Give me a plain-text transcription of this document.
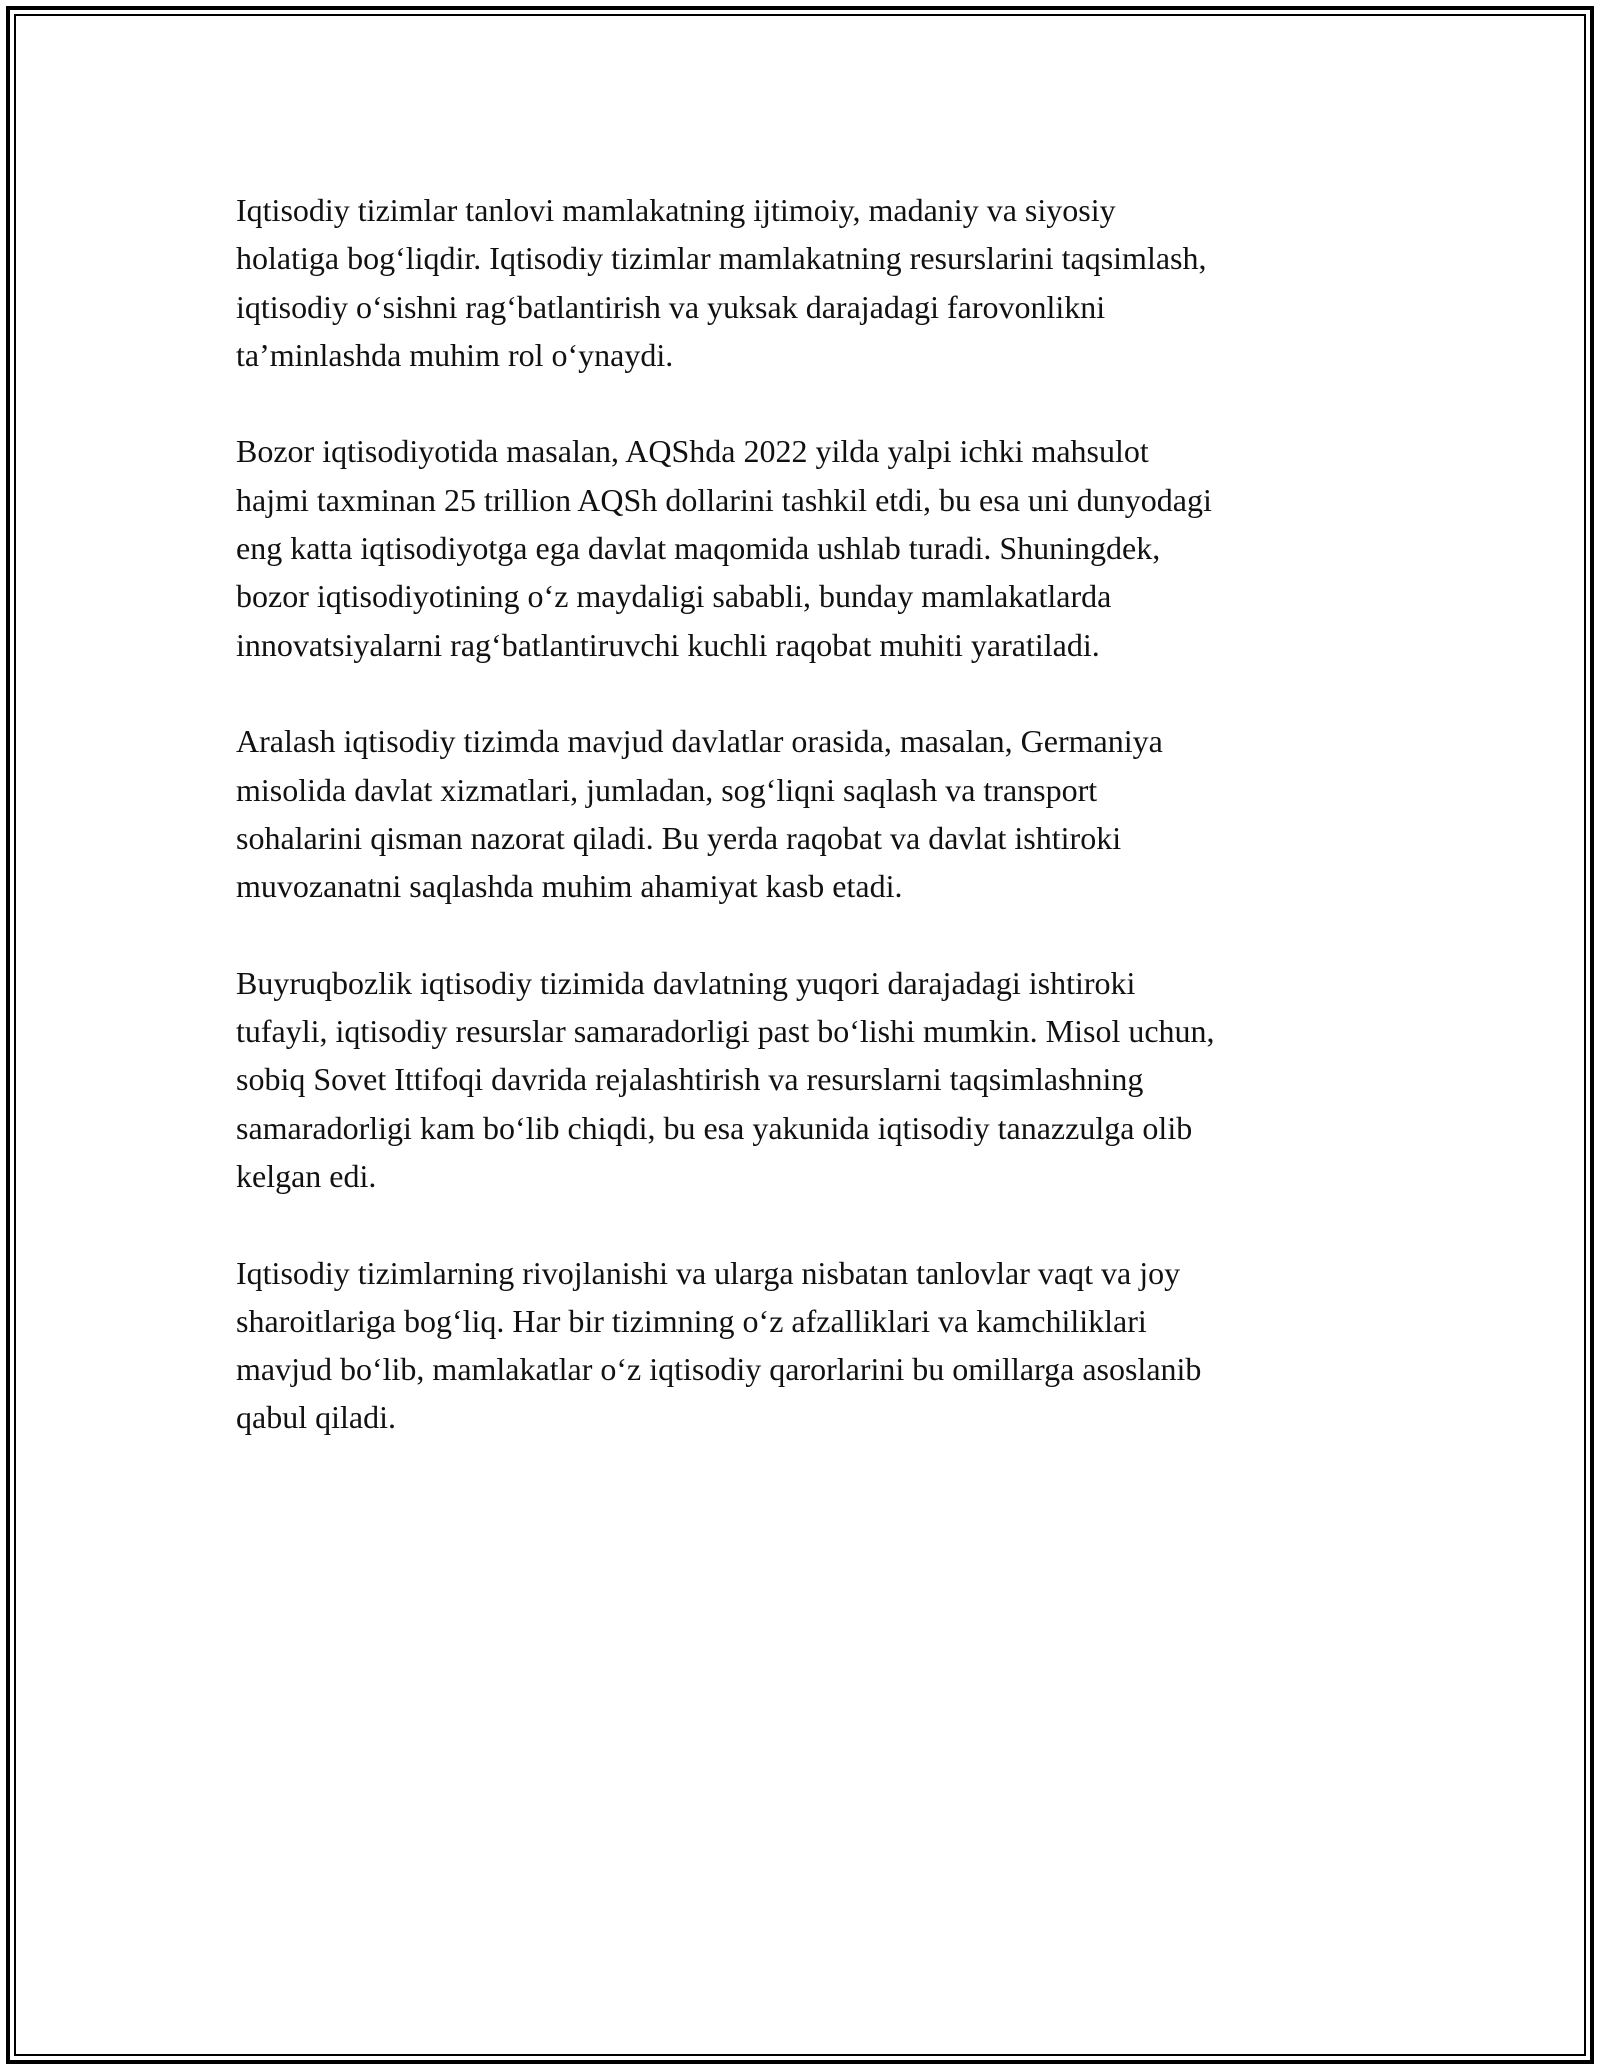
Iqtisodiy tizimlar tanlovi mamlakatning ijtimoiy, madaniy va siyosiy
holatiga bog‘liqdir. Iqtisodiy tizimlar mamlakatning resurslarini taqsimlash,
iqtisodiy o‘sishni rag‘batlantirish va yuksak darajadagi farovonlikni
ta’minlashda muhim rol o‘ynaydi.

Bozor iqtisodiyotida masalan, AQShda 2022 yilda yalpi ichki mahsulot
hajmi taxminan 25 trillion AQSh dollarini tashkil etdi, bu esa uni dunyodagi
eng katta iqtisodiyotga ega davlat maqomida ushlab turadi. Shuningdek,
bozor iqtisodiyotining o‘z maydaligi sababli, bunday mamlakatlarda
innovatsiyalarni rag‘batlantiruvchi kuchli raqobat muhiti yaratiladi.

Aralash iqtisodiy tizimda mavjud davlatlar orasida, masalan, Germaniya
misolida davlat xizmatlari, jumladan, sog‘liqni saqlash va transport
sohalarini qisman nazorat qiladi. Bu yerda raqobat va davlat ishtiroki
muvozanatni saqlashda muhim ahamiyat kasb etadi.

Buyruqbozlik iqtisodiy tizimida davlatning yuqori darajadagi ishtiroki
tufayli, iqtisodiy resurslar samaradorligi past bo‘lishi mumkin. Misol uchun,
sobiq Sovet Ittifoqi davrida rejalashtirish va resurslarni taqsimlashning
samaradorligi kam bo‘lib chiqdi, bu esa yakunida iqtisodiy tanazzulga olib
kelgan edi.

Iqtisodiy tizimlarning rivojlanishi va ularga nisbatan tanlovlar vaqt va joy
sharoitlariga bog‘liq. Har bir tizimning o‘z afzalliklari va kamchiliklari
mavjud bo‘lib, mamlakatlar o‘z iqtisodiy qarorlarini bu omillarga asoslanib
qabul qiladi.
